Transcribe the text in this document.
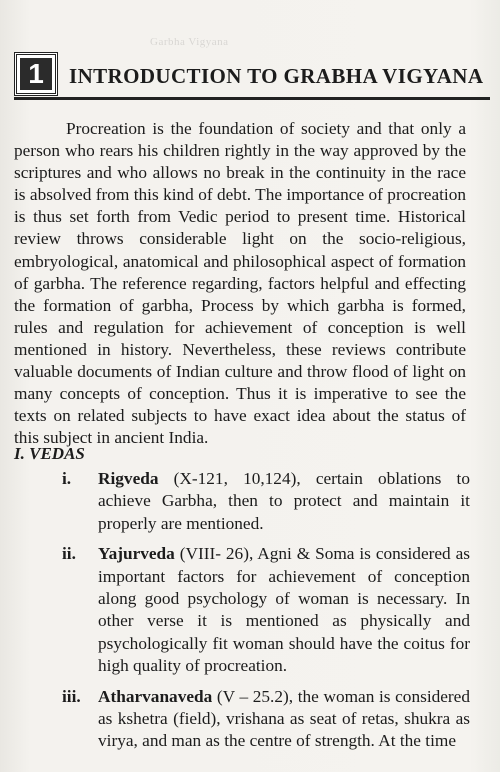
Garbha Vigyana
1	INTRODUCTION TO GRABHA VIGYANA

Procreation is the foundation of society and that only a person who rears his children rightly in the way approved by the scriptures and who allows no break in the continuity in the race is absolved from this kind of debt. The importance of procreation is thus set forth from Vedic period to present time. Historical review throws considerable light on the socio-religious, embryological, anatomical and philosophical aspect of formation of garbha. The reference regarding, factors helpful and effecting the formation of garbha, Process by which garbha is formed, rules and regulation for achievement of conception is well mentioned in history. Nevertheless, these reviews contribute valuable documents of Indian culture and throw flood of light on many concepts of conception. Thus it is imperative to see the texts on related subjects to have exact idea about the status of this subject in ancient India.

I. VEDAS
i. Rigveda (X-121, 10,124), certain oblations to achieve Garbha, then to protect and maintain it properly are mentioned.
ii. Yajurveda (VIII- 26), Agni & Soma is considered as important factors for achievement of conception along good psychology of woman is necessary. In other verse it is mentioned as physically and psychologically fit woman should have the coitus for high quality of procreation.
iii. Atharvanaveda (V – 25.2), the woman is considered as kshetra (field), vrishana as seat of retas, shukra as virya, and man as the centre of strength. At the time
